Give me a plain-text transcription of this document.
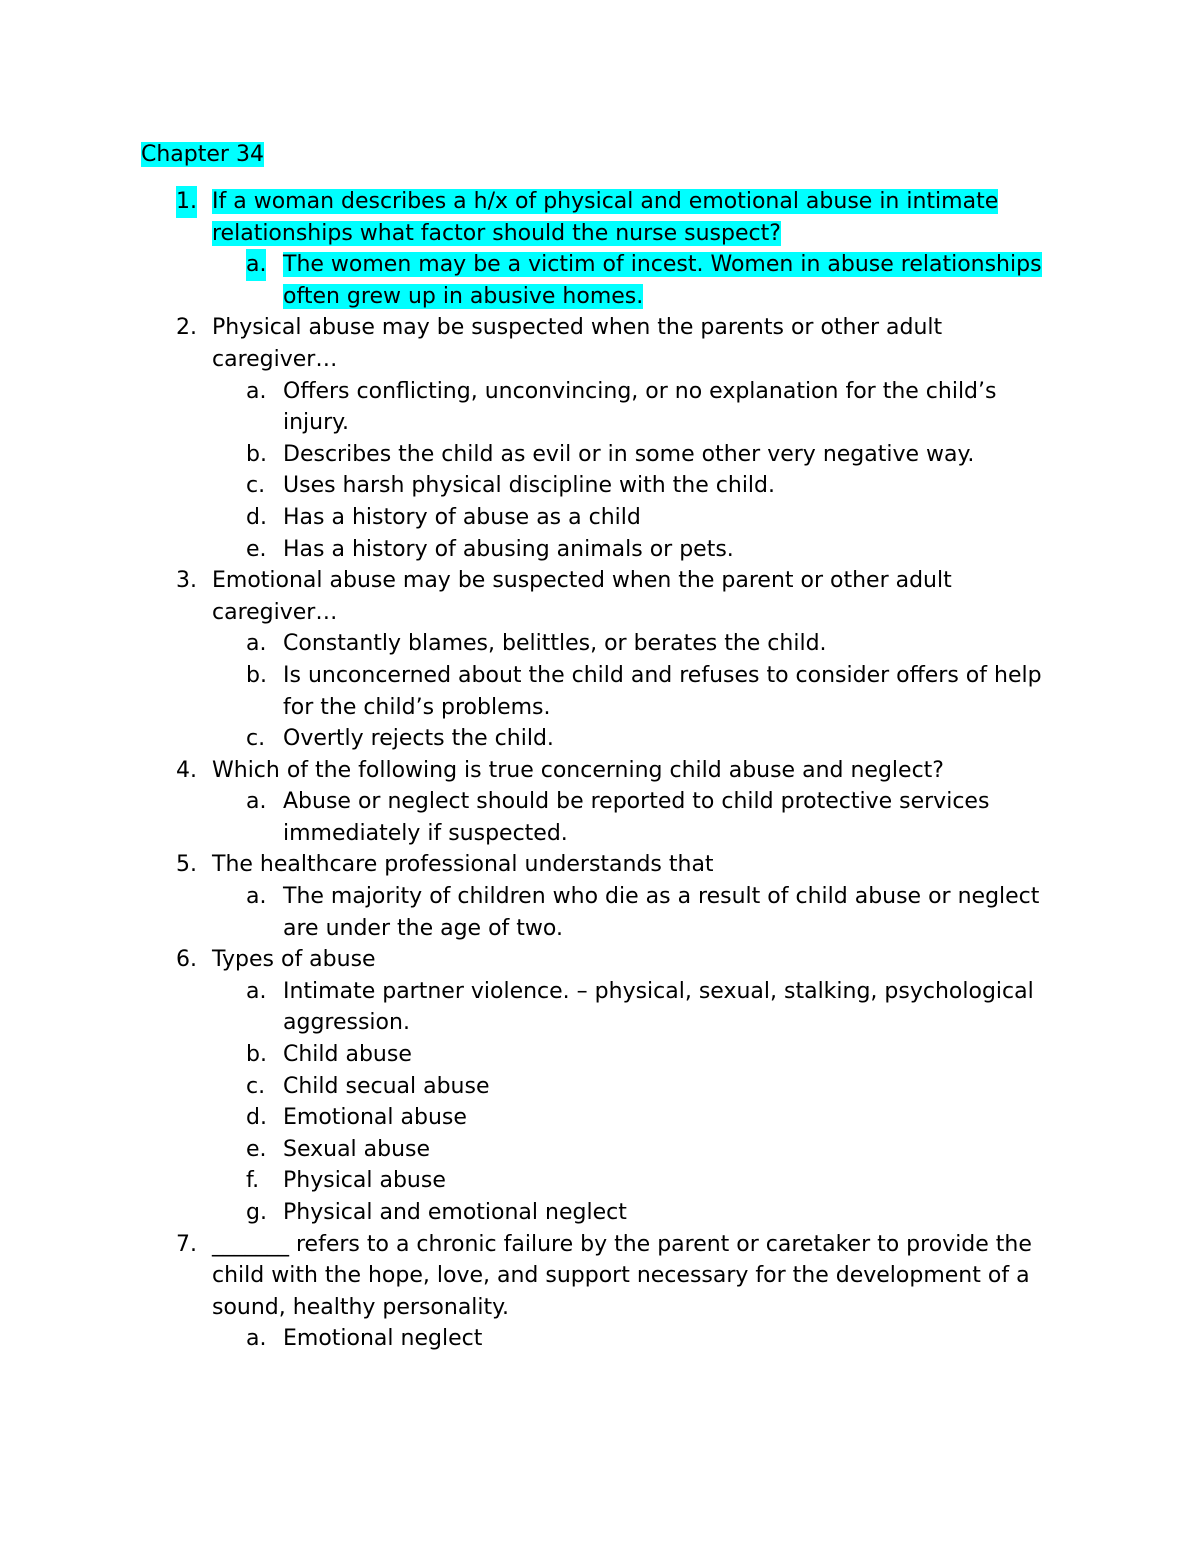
Chapter 34
1. If a woman describes a h/x of physical and emotional abuse in intimate relationships what factor should the nurse suspect?
a. The women may be a victim of incest. Women in abuse relationships often grew up in abusive homes.
2. Physical abuse may be suspected when the parents or other adult caregiver…
a. Offers conflicting, unconvincing, or no explanation for the child’s injury.
b. Describes the child as evil or in some other very negative way.
c. Uses harsh physical discipline with the child.
d. Has a history of abuse as a child
e. Has a history of abusing animals or pets.
3. Emotional abuse may be suspected when the parent or other adult caregiver…
a. Constantly blames, belittles, or berates the child.
b. Is unconcerned about the child and refuses to consider offers of help for the child’s problems.
c. Overtly rejects the child.
4. Which of the following is true concerning child abuse and neglect?
a. Abuse or neglect should be reported to child protective services immediately if suspected.
5. The healthcare professional understands that
a. The majority of children who die as a result of child abuse or neglect are under the age of two.
6. Types of abuse
a. Intimate partner violence. – physical, sexual, stalking, psychological aggression.
b. Child abuse
c. Child secual abuse
d. Emotional abuse
e. Sexual abuse
f. Physical abuse
g. Physical and emotional neglect
7. _______ refers to a chronic failure by the parent or caretaker to provide the child with the hope, love, and support necessary for the development of a sound, healthy personality.
a. Emotional neglect
